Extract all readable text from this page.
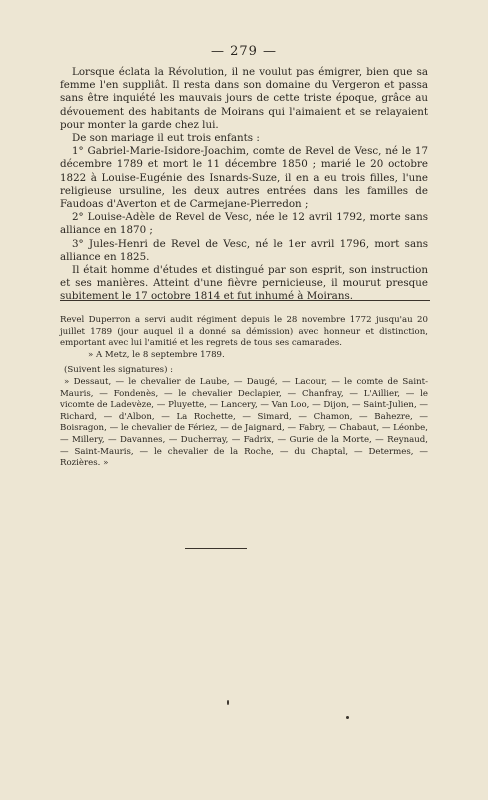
— 279 —

Lorsque éclata la Révolution, il ne voulut pas émigrer, bien que sa femme l'en suppliât. Il resta dans son domaine du Vergeron et passa sans être inquiété les mauvais jours de cette triste époque, grâce au dévouement des habitants de Moirans qui l'aimaient et se relayaient pour monter la garde chez lui.

De son mariage il eut trois enfants :

1° Gabriel-Marie-Isidore-Joachim, comte de Revel de Vesc, né le 17 décembre 1789 et mort le 11 décembre 1850 ; marié le 20 octobre 1822 à Louise-Eugénie des Isnards-Suze, il en a eu trois filles, l'une religieuse ursuline, les deux autres entrées dans les familles de Faudoas d'Averton et de Carmejane-Pierredon ;

2° Louise-Adèle de Revel de Vesc, née le 12 avril 1792, morte sans alliance en 1870 ;

3° Jules-Henri de Revel de Vesc, né le 1er avril 1796, mort sans alliance en 1825.

Il était homme d'études et distingué par son esprit, son instruction et ses manières. Atteint d'une fièvre pernicieuse, il mourut presque subitement le 17 octobre 1814 et fut inhumé à Moirans.

Revel Duperron a servi audit régiment depuis le 28 novembre 1772 jusqu'au 20 juillet 1789 (jour auquel il a donné sa démission) avec honneur et distinction, emportant avec lui l'amitié et les regrets de tous ses camarades.

» A Metz, le 8 septembre 1789.

(Suivent les signatures) :

» Dessaut, — le chevalier de Laube, — Daugé, — Lacour, — le comte de Saint-Mauris, — Fondenès, — le chevalier Declapier, — Chanfray, — L'Aillier, — le vicomte de Ladevèze, — Pluyette, — Lancery, — Van Loo, — Dijon, — Saint-Julien, — Richard, — d'Albon, — La Rochette, — Simard, — Chamon, — Bahezre, — Boisragon, — le chevalier de Fériez, — de Jaignard, — Fabry, — Chabaut, — Léonbe, — Millery, — Davannes, — Ducherray, — Fadrix, — Gurie de la Morte, — Reynaud, — Saint-Mauris, — le chevalier de la Roche, — du Chaptal, — Determes, — Rozières. »
